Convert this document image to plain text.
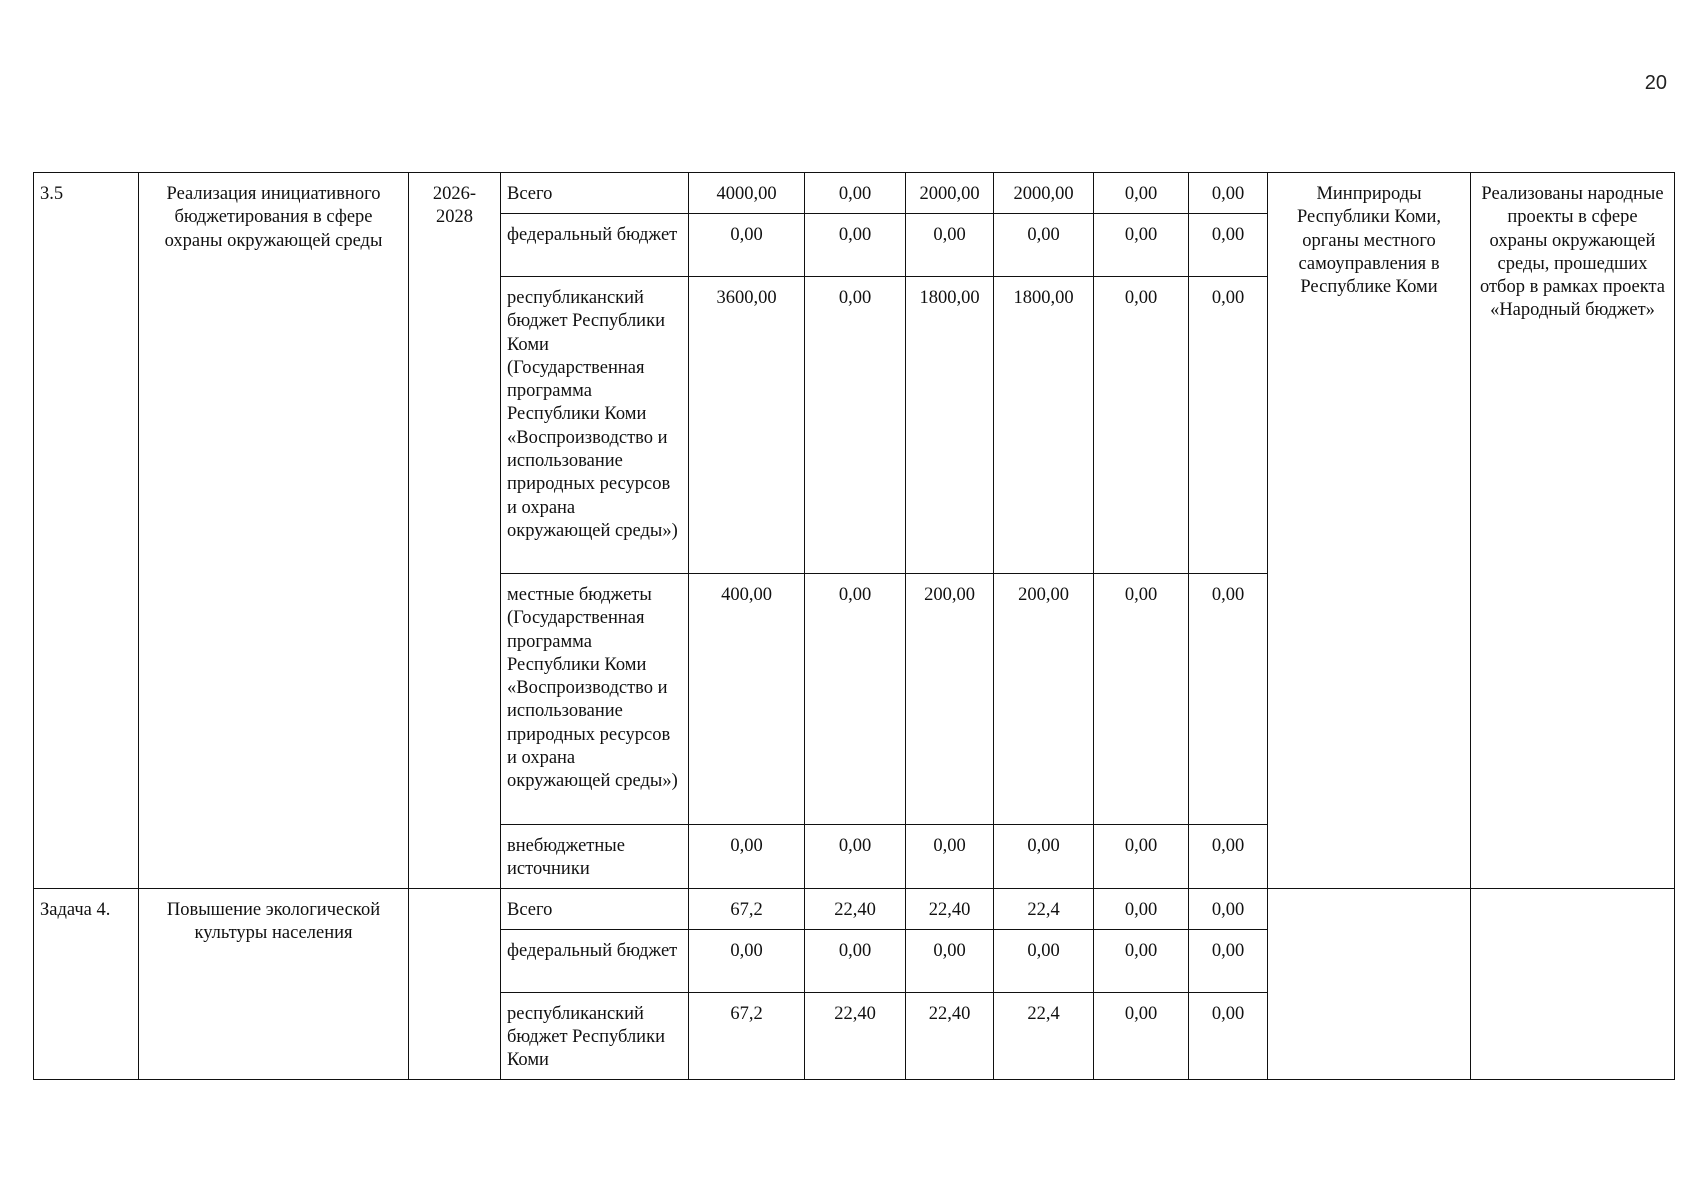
20
3.5	Реализация инициативного бюджетирования в сфере охраны окружающей среды	2026-2028	Всего	4000,00	0,00	2000,00	2000,00	0,00	0,00	Минприроды Республики Коми, органы местного самоуправления в Республике Коми	Реализованы народные проекты в сфере охраны окружающей среды, прошедших отбор в рамках проекта «Народный бюджет»
			федеральный бюджет	0,00	0,00	0,00	0,00	0,00	0,00		
			республиканский бюджет Республики Коми (Государственная программа Республики Коми «Воспроизводство и использование природных ресурсов и охрана окружающей среды»)	3600,00	0,00	1800,00	1800,00	0,00	0,00		
			местные бюджеты (Государственная программа Республики Коми «Воспроизводство и использование природных ресурсов и охрана окружающей среды»)	400,00	0,00	200,00	200,00	0,00	0,00		
			внебюджетные источники	0,00	0,00	0,00	0,00	0,00	0,00		
Задача 4.	Повышение экологической культуры населения		Всего	67,2	22,40	22,40	22,4	0,00	0,00		
			федеральный бюджет	0,00	0,00	0,00	0,00	0,00	0,00		
			республиканский бюджет Республики Коми	67,2	22,40	22,40	22,4	0,00	0,00		
